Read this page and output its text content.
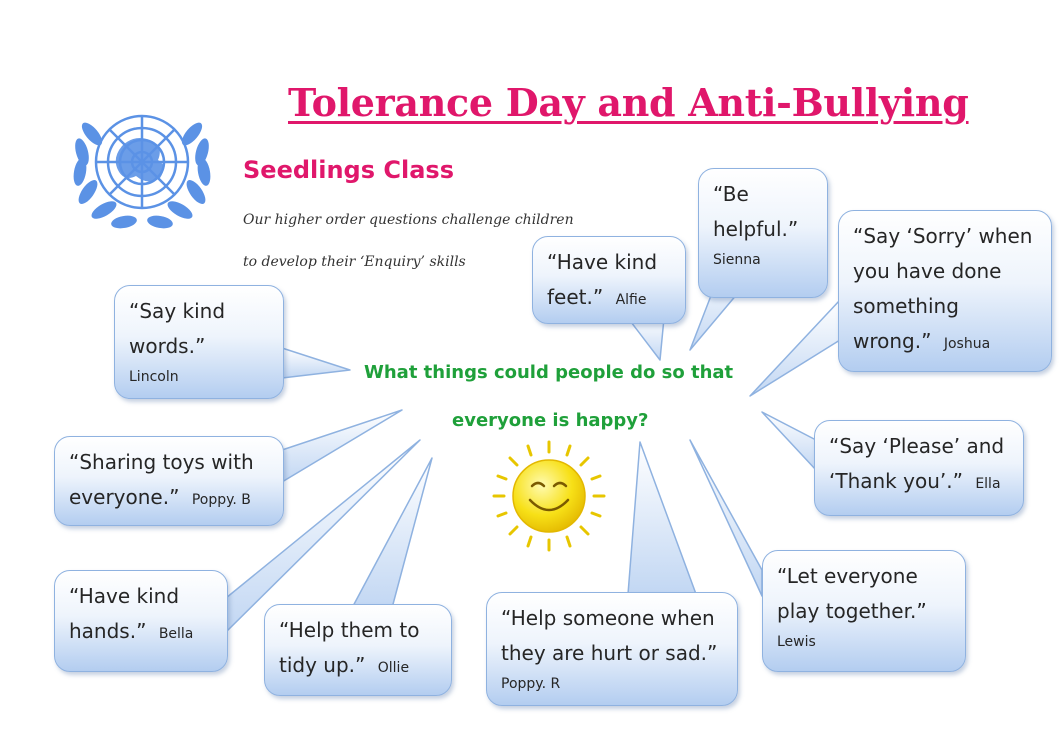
Tolerance Day and Anti-Bullying
Seedlings Class
Our higher order questions challenge children
to develop their ‘Enquiry’ skills
What things could people do so that
everyone is happy?
“Say kind words.”
Lincoln
“Sharing toys with everyone.” Poppy. B
“Have kind hands.” Bella	“Help them to tidy up.” Ollie
“Help someone when they are hurt or sad.”
Poppy. R
“Let everyone play together.”
Lewis
“Say ‘Please’ and ‘Thank you’.” Ella
“Say ‘Sorry’ when you have done something wrong.” Joshua
“Be helpful.”
Sienna
“Have kind feet.” Alfie
